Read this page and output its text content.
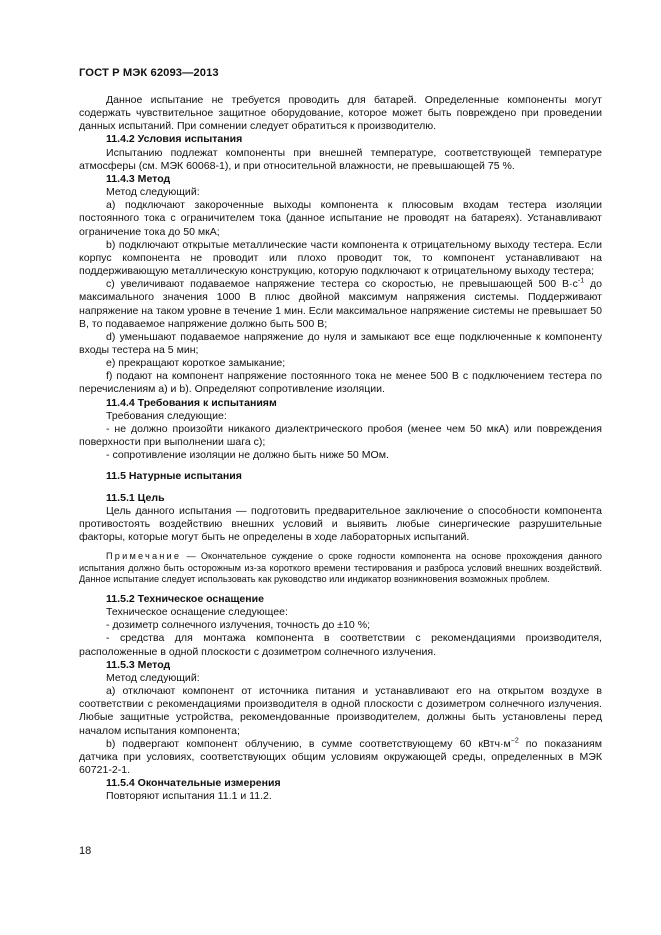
ГОСТ Р МЭК 62093—2013

Данное испытание не требуется проводить для батарей. Определенные компоненты могут содержать чувствительное защитное оборудование, которое может быть повреждено при проведении данных испытаний. При сомнении следует обратиться к производителю.

11.4.2 Условия испытания

Испытанию подлежат компоненты при внешней температуре, соответствующей температуре атмосферы (см. МЭК 60068-1), и при относительной влажности, не превышающей 75 %.

11.4.3 Метод

Метод следующий:

а) подключают закороченные выходы компонента к плюсовым входам тестера изоляции постоянного тока с ограничителем тока (данное испытание не проводят на батареях). Устанавливают ограничение тока до 50 мкА;

b) подключают открытые металлические части компонента к отрицательному выходу тестера. Если корпус компонента не проводит или плохо проводит ток, то компонент устанавливают на поддерживающую металлическую конструкцию, которую подключают к отрицательному выходу тестера;

с) увеличивают подаваемое напряжение тестера со скоростью, не превышающей 500 $В\cdot с^{-1}$ до максимального значения 1000 В плюс двойной максимум напряжения системы. Поддерживают напряжение на таком уровне в течение 1 мин. Если максимальное напряжение системы не превышает 50 В, то подаваемое напряжение должно быть 500 В;

d) уменьшают подаваемое напряжение до нуля и замыкают все еще подключенные к компоненту входы тестера на 5 мин;

е) прекращают короткое замыкание;

f) подают на компонент напряжение постоянного тока не менее 500 В с подключением тестера по перечислениям а) и b). Определяют сопротивление изоляции.

11.4.4 Требования к испытаниям

Требования следующие:

- не должно произойти никакого диэлектрического пробоя (менее чем 50 мкА) или повреждения поверхности при выполнении шага с);

- сопротивление изоляции не должно быть ниже 50 МОм.

11.5 Натурные испытания

11.5.1 Цель

Цель данного испытания — подготовить предварительное заключение о способности компонента противостоять воздействию внешних условий и выявить любые синергические разрушительные факторы, которые могут быть не определены в ходе лабораторных испытаний.

Примечание — Окончательное суждение о сроке годности компонента на основе прохождения данного испытания должно быть осторожным из-за короткого времени тестирования и разброса условий внешних воздействий. Данное испытание следует использовать как руководство или индикатор возникновения возможных проблем.

11.5.2 Техническое оснащение

Техническое оснащение следующее:

- дозиметр солнечного излучения, точность до ±10 %;

- средства для монтажа компонента в соответствии с рекомендациями производителя, расположенные в одной плоскости с дозиметром солнечного излучения.

11.5.3 Метод

Метод следующий:

а) отключают компонент от источника питания и устанавливают его на открытом воздухе в соответствии с рекомендациями производителя в одной плоскости с дозиметром солнечного излучения. Любые защитные устройства, рекомендованные производителем, должны быть установлены перед началом испытания компонента;

b) подвергают компонент облучению, в сумме соответствующему 60 $кВтч\cdot м^{-2}$ по показаниям датчика при условиях, соответствующих общим условиям окружающей среды, определенных в МЭК 60721-2-1.

11.5.4 Окончательные измерения

Повторяют испытания 11.1 и 11.2.

18
